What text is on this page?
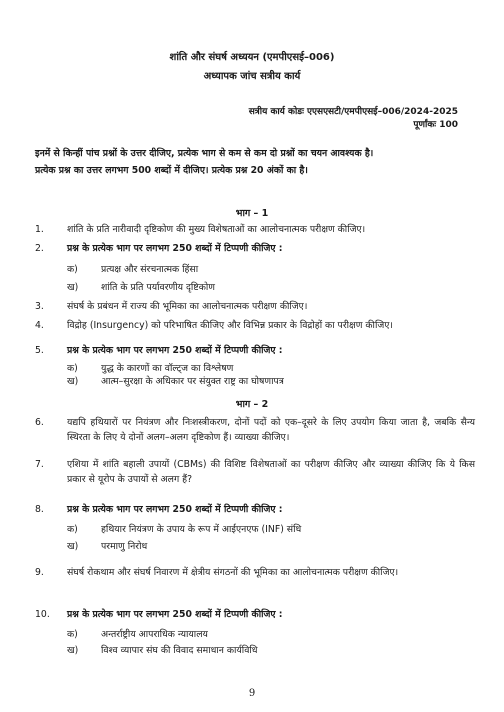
शांति और संघर्ष अध्ययन (एमपीएसई–006)
अध्यापक जांच सत्रीय कार्य
सत्रीय कार्य कोडः एएसएसटी/एमपीएसई–006/2024-2025
पूर्णांकः 100
इनमें से किन्हीं पांच प्रश्नों के उत्तर दीजिए, प्रत्येक भाग से कम से कम दो प्रश्नों का चयन आवश्यक है।
प्रत्येक प्रश्न का उत्तर लगभग 500 शब्दों में दीजिए। प्रत्येक प्रश्न 20 अंकों का है।
भाग – 1
1. शांति के प्रति नारीवादी दृष्टिकोण की मुख्य विशेषताओं का आलोचनात्मक परीक्षण कीजिए।
2. प्रश्न के प्रत्येक भाग पर लगभग 250 शब्दों में टिप्पणी कीजिए :
क) प्रत्यक्ष और संरचनात्मक हिंसा
ख) शांति के प्रति पर्यावरणीय दृष्टिकोण
3. संघर्ष के प्रबंधन में राज्य की भूमिका का आलोचनात्मक परीक्षण कीजिए।
4. विद्रोह (Insurgency) को परिभाषित कीजिए और विभिन्न प्रकार के विद्रोहों का परीक्षण कीजिए।
5. प्रश्न के प्रत्येक भाग पर लगभग 250 शब्दों में टिप्पणी कीजिए :
क) युद्ध के कारणों का वॉल्ट्ज का विश्लेषण
ख) आत्म–सुरक्षा के अधिकार पर संयुक्त राष्ट्र का घोषणापत्र
भाग – 2
6. यद्यपि हथियारों पर नियंत्रण और निःशस्त्रीकरण, दोनों पदों को एक–दूसरे के लिए उपयोग किया जाता है, जबकि सैन्य स्थिरता के लिए ये दोनों अलग–अलग दृष्टिकोण हैं। व्याख्या कीजिए।
7. एशिया में शांति बहाली उपायों (CBMs) की विशिष्ट विशेषताओं का परीक्षण कीजिए और व्याख्या कीजिए कि ये किस प्रकार से यूरोप के उपायों से अलग हैं?
8. प्रश्न के प्रत्येक भाग पर लगभग 250 शब्दों में टिप्पणी कीजिए :
क) हथियार नियंत्रण के उपाय के रूप में आईएनएफ (INF) संधि
ख) परमाणु निरोध
9. संघर्ष रोकथाम और संघर्ष निवारण में क्षेत्रीय संगठनों की भूमिका का आलोचनात्मक परीक्षण कीजिए।
10. प्रश्न के प्रत्येक भाग पर लगभग 250 शब्दों में टिप्पणी कीजिए :
क) अन्तर्राष्ट्रीय आपराधिक न्यायालय
ख) विश्व व्यापार संघ की विवाद समाधान कार्यविधि
9
